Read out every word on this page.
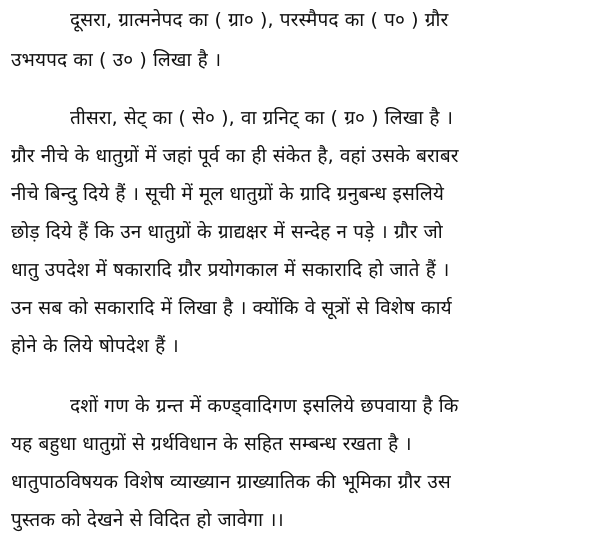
दूसरा, ग्रात्मनेपद का ( ग्रा० ), परस्मैपद का ( प० ) ग्रौर
उभयपद का ( उ० ) लिखा है ।
तीसरा, सेट् का ( से० ), वा ग्रनिट् का ( ग्र० ) लिखा है ।
ग्रौर नीचे के धातुग्रों में जहां पूर्व का ही संकेत है, वहां उसके बराबर
नीचे बिन्दु दिये हैं । सूची में मूल धातुग्रों के ग्रादि ग्रनुबन्ध इसलिये
छोड़ दिये हैं कि उन धातुग्रों के ग्राद्यक्षर में सन्देह न पड़े । ग्रौर जो
धातु उपदेश में षकारादि ग्रौर प्रयोगकाल में सकारादि हो जाते हैं ।
उन सब को सकारादि में लिखा है । क्योंकि वे सूत्रों से विशेष कार्य
होने के लिये षोपदेश हैं ।
दशों गण के ग्रन्त में कण्ड्वादिगण इसलिये छपवाया है कि
यह बहुधा धातुग्रों से ग्रर्थविधान के सहित सम्बन्ध रखता है ।
धातुपाठविषयक विशेष व्याख्यान ग्राख्यातिक की भूमिका ग्रौर उस
पुस्तक को देखने से विदित हो जावेगा ।।
